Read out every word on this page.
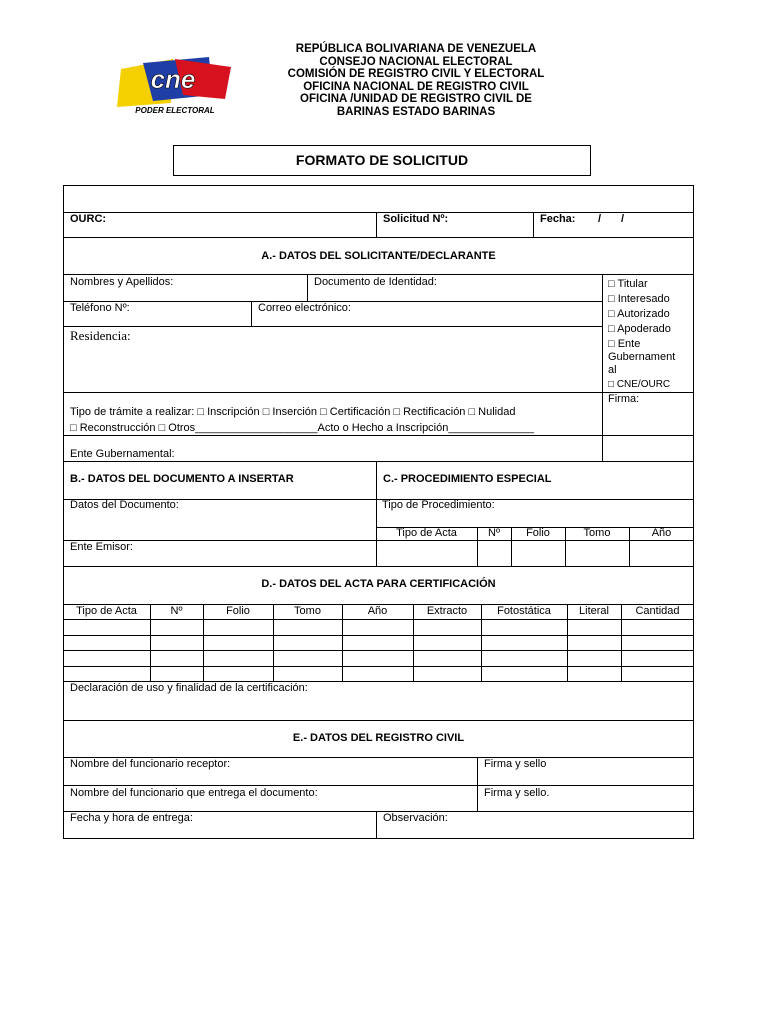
cne
PODER ELECTORAL
REPÚBLICA BOLIVARIANA DE VENEZUELA
CONSEJO NACIONAL ELECTORAL
COMISIÓN DE REGISTRO CIVIL Y ELECTORAL
OFICINA NACIONAL DE REGISTRO CIVIL
OFICINA /UNIDAD DE REGISTRO CIVIL DE
BARINAS ESTADO BARINAS
FORMATO DE SOLICITUD
OURC:	Solicitud Nº:	Fecha: / /
A.- DATOS DEL SOLICITANTE/DECLARANTE
Nombres y Apellidos:	Documento de Identidad:
Teléfono Nº:	Correo electrónico:
Residencia:
□ Titular
□ Interesado
□ Autorizado
□ Apoderado
□ Ente
Gubernament
al
□ CNE/OURC
Firma:
Tipo de trámite a realizar: □ Inscripción □ Inserción □ Certificación □ Rectificación □ Nulidad
□ Reconstrucción □ Otros____________________Acto o Hecho a Inscripción______________
Ente Gubernamental:
B.- DATOS DEL DOCUMENTO A INSERTAR	C.- PROCEDIMIENTO ESPECIAL
Datos del Documento:	Tipo de Procedimiento:
Ente Emisor:
Tipo de Acta	Nº	Folio	Tomo	Año
D.- DATOS DEL ACTA PARA CERTIFICACIÓN
Tipo de Acta	Nº	Folio	Tomo	Año	Extracto	Fotostática	Literal	Cantidad
Declaración de uso y finalidad de la certificación:
E.- DATOS DEL REGISTRO CIVIL
Nombre del funcionario receptor:	Firma y sello
Nombre del funcionario que entrega el documento:	Firma y sello.
Fecha y hora de entrega:	Observación:
